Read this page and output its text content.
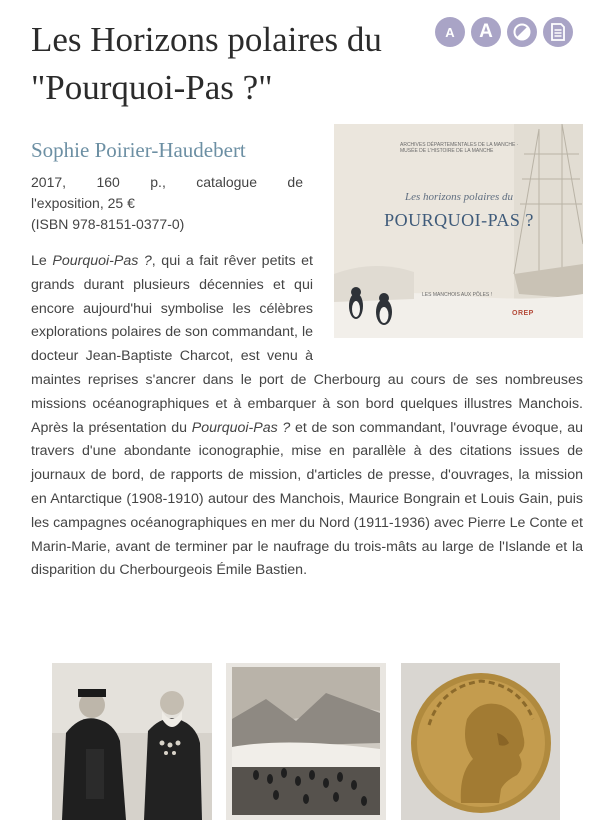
Les Horizons polaires du "Pourquoi-Pas ?"
A A
Sophie Poirier-Haudebert
2017, 160 p., catalogue de
l'exposition, 25 €
(ISBN 978-8151-0377-0)
ARCHIVES DÉPARTEMENTALES DE LA MANCHE · MUSÉE DE L'HISTOIRE DE LA MANCHE
Les horizons polaires du
POURQUOI-PAS ?
LES MANCHOIS AUX PÔLES !
OREP
Le Pourquoi-Pas ?, qui a fait rêver petits et grands durant plusieurs décennies et qui encore aujourd'hui symbolise les célèbres explorations polaires de son commandant, le docteur Jean-Baptiste Charcot, est venu à maintes reprises s'ancrer dans le port de Cherbourg au cours de ses nombreuses missions océanographiques et à embarquer à son bord quelques illustres Manchois. Après la présentation du Pourquoi-Pas ? et de son commandant, l'ouvrage évoque, au travers d'une abondante iconographie, mise en parallèle à des citations issues de journaux de bord, de rapports de mission, d'articles de presse, d'ouvrages, la mission en Antarctique (1908-1910) autour des Manchois, Maurice Bongrain et Louis Gain, puis les campagnes océanographiques en mer du Nord (1911-1936) avec Pierre Le Conte et Marin-Marie, avant de terminer par le naufrage du trois-mâts au large de l'Islande et la disparition du Cherbourgeois Émile Bastien.
